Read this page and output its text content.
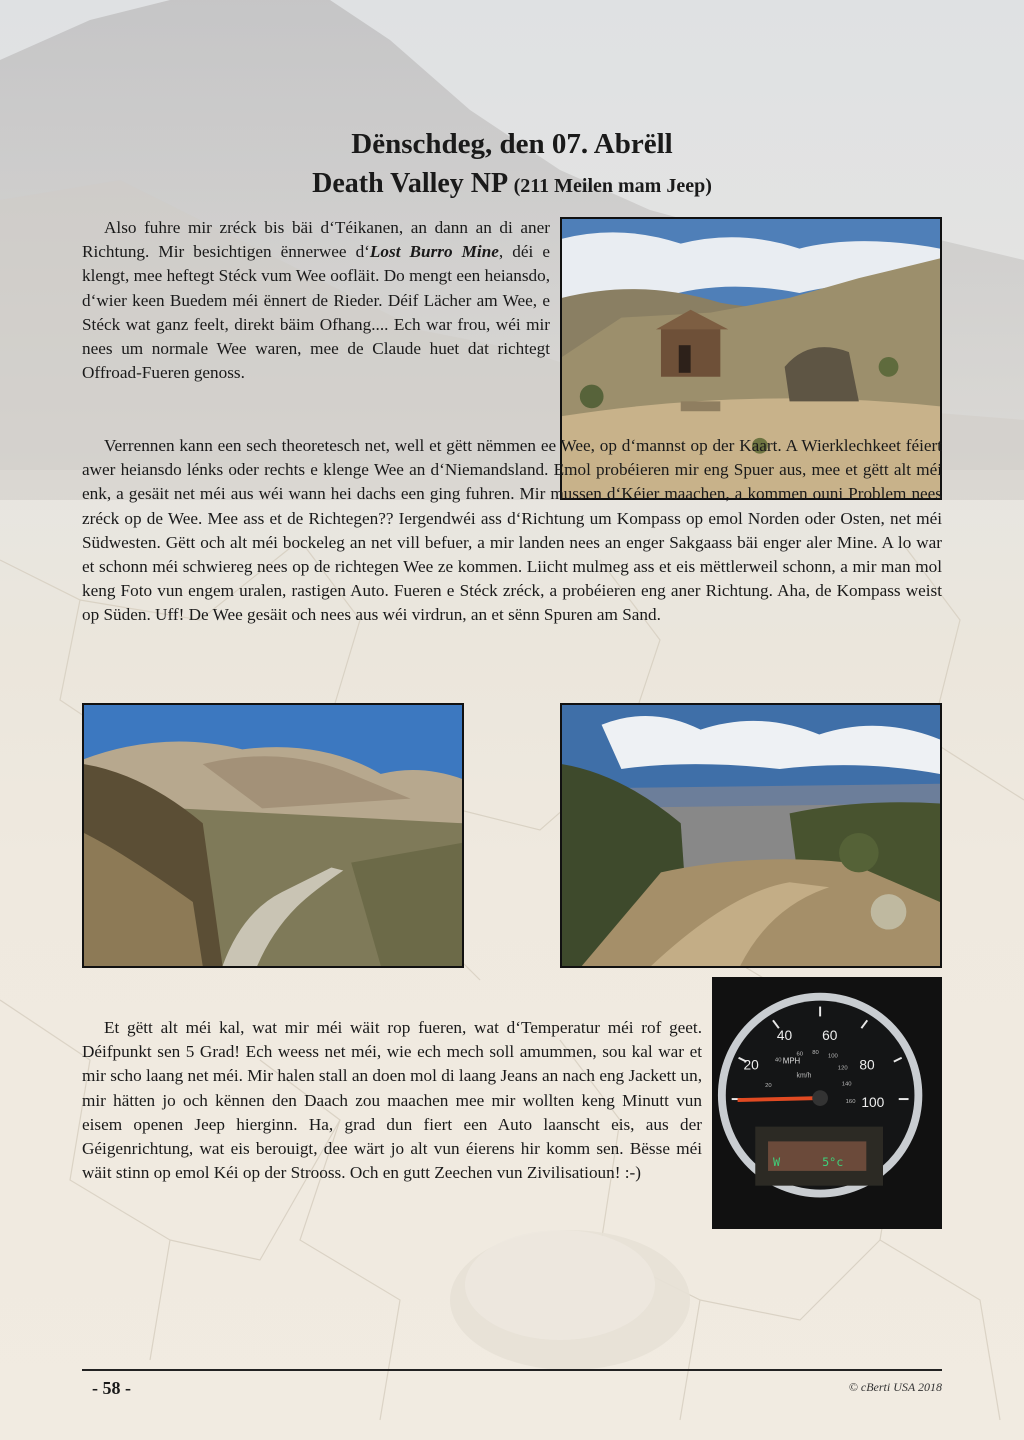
Dënschdeg, den 07. Abrëll
Death Valley NP (211 Meilen mam Jeep)

Also fuhre mir zréck bis bäi d‘Téikanen, an dann an di aner Richtung. Mir besichtigen ënnerwee d‘Lost Burro Mine, déi e klengt, mee heftegt Stéck vum Wee oofläit. Do mengt een heiansdo, d‘wier keen Buedem méi ënnert de Rieder. Déif Lächer am Wee, e Stéck wat ganz feelt, direkt bäim Ofhang.... Ech war frou, wéi mir nees um normale Wee waren, mee de Claude huet dat richtegt Offroad-Fueren genoss.

Verrennen kann een sech theoretesch net, well et gëtt nëmmen ee Wee, op d‘mannst op der Kaart. A Wierklechkeet féiert awer heiansdo lénks oder rechts e klenge Wee an d‘Niemandsland. Emol probéieren mir eng Spuer aus, mee et gëtt alt méi enk, a gesäit net méi aus wéi wann hei dachs een ging fuhren. Mir mussen d‘Kéier maachen, a kommen ouni Problem nees zréck op de Wee. Mee ass et de Richtegen?? Iergendwéi ass d‘Richtung um Kompass op emol Norden oder Osten, net méi Südwesten. Gëtt och alt méi bockeleg an net vill befuer, a mir landen nees an enger Sakgaass bäi enger aler Mine. A lo war et schonn méi schwiereg nees op de richtegen Wee ze kommen. Liicht mulmeg ass et eis mëttlerweil schonn, a mir man mol keng Foto vun engem uralen, rastigen Auto. Fueren e Stéck zréck, a probéieren eng aner Richtung. Aha, de Kompass weist op Süden. Uff! De Wee gesäit och nees aus wéi virdrun, an et sënn Spuren am Sand.

Et gëtt alt méi kal, wat mir méi wäit rop fueren, wat d‘Temperatur méi rof geet. Déifpunkt sen 5 Grad! Ech weess net méi, wie ech mech soll amummen, sou kal war et mir scho laang net méi. Mir halen stall an doen mol di laang Jeans an nach eng Jackett un, mir hätten jo och kënnen den Daach zou maachen mee mir wollten keng Minutt vun eisem openen Jeep hierginn. Ha, grad dun fiert een Auto laanscht eis, aus der Géigenrichtung, wat eis berouigt, dee wärt jo alt vun éierens hir komm sen. Bësse méi wäit stinn op emol Kéi op der Strooss. Och en gutt Zeechen vun Zivilisatioun! :-)

MPH
km/h
20
40 60
80
100
20
40
60 80
100
120
140
160
W	5°c
- 58 -	© cBerti USA 2018
